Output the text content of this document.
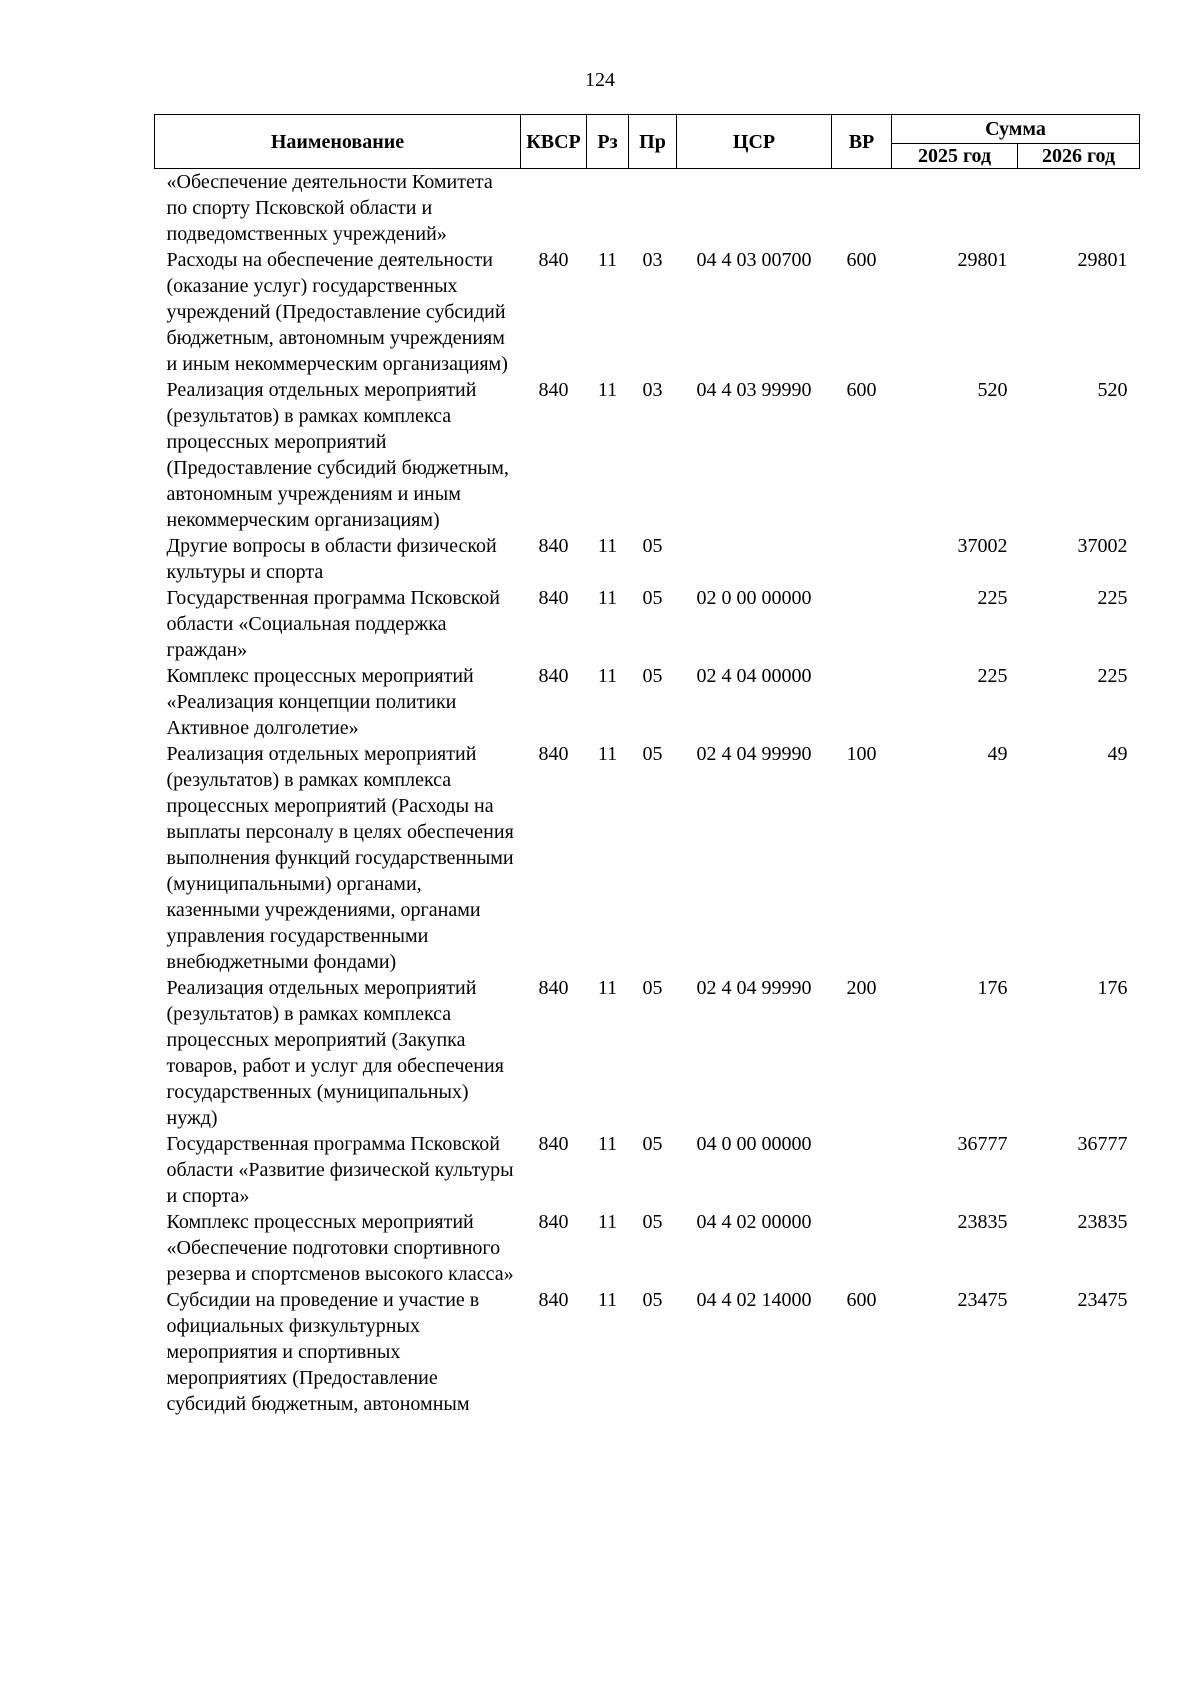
124
Наименование	КВСР	Рз	Пр	ЦСР	ВР	Сумма	
						2025 год	2026 год
«Обеспечение деятельности Комитета по спорту Псковской области и подведомственных учреждений»							
Расходы на обеспечение деятельности (оказание услуг) государственных учреждений (Предоставление субсидий бюджетным, автономным учреждениям и иным некоммерческим организациям)	840	11	03	04 4 03 00700	600	29801	29801
Реализация отдельных мероприятий (результатов) в рамках комплекса процессных мероприятий (Предоставление субсидий бюджетным, автономным учреждениям и иным некоммерческим организациям)	840	11	03	04 4 03 99990	600	520	520
Другие вопросы в области физической культуры и спорта	840	11	05			37002	37002
Государственная программа Псковской области «Социальная поддержка граждан»	840	11	05	02 0 00 00000		225	225
Комплекс процессных мероприятий «Реализация концепции политики Активное долголетие»	840	11	05	02 4 04 00000		225	225
Реализация отдельных мероприятий (результатов) в рамках комплекса процессных мероприятий (Расходы на выплаты персоналу в целях обеспечения выполнения функций государственными (муниципальными) органами, казенными учреждениями, органами управления государственными внебюджетными фондами)	840	11	05	02 4 04 99990	100	49	49
Реализация отдельных мероприятий (результатов) в рамках комплекса процессных мероприятий (Закупка товаров, работ и услуг для обеспечения государственных (муниципальных) нужд)	840	11	05	02 4 04 99990	200	176	176
Государственная программа Псковской области «Развитие физической культуры и спорта»	840	11	05	04 0 00 00000		36777	36777
Комплекс процессных мероприятий «Обеспечение подготовки спортивного резерва и спортсменов высокого класса»	840	11	05	04 4 02 00000		23835	23835
Субсидии на проведение и участие в официальных физкультурных мероприятия и спортивных мероприятиях (Предоставление субсидий бюджетным, автономным	840	11	05	04 4 02 14000	600	23475	23475
